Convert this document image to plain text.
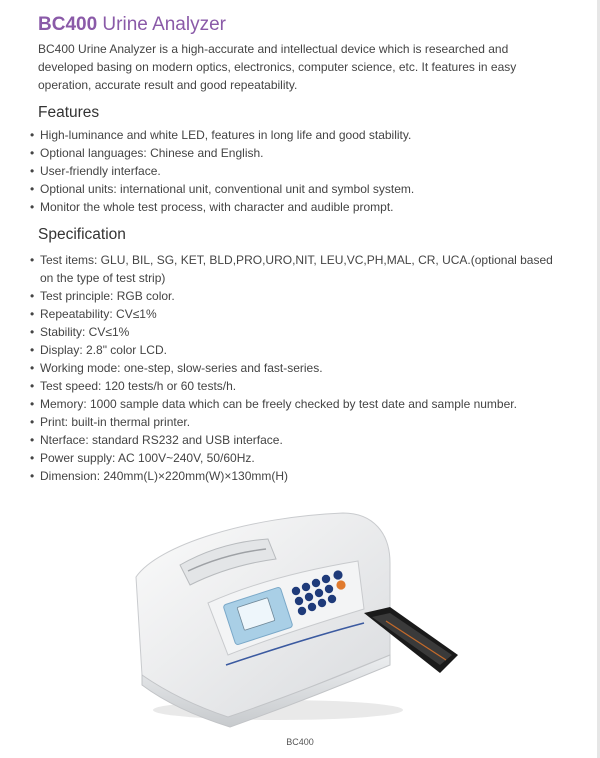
BC400 Urine Analyzer
BC400 Urine Analyzer is a high-accurate and intellectual device which is researched and developed basing on modern optics, electronics, computer science, etc. It features in easy operation, accurate result and good repeatability.
Features
• High-luminance and white LED, features in long life and good stability.
• Optional languages: Chinese and English.
• User-friendly interface.
• Optional units: international unit, conventional unit and symbol system.
• Monitor the whole test process, with character and audible prompt.
Specification
• Test items: GLU, BIL, SG, KET, BLD,PRO,URO,NIT, LEU,VC,PH,MAL, CR, UCA.(optional based on the type of test strip)
• Test principle: RGB color.
• Repeatability: CV≤1%
• Stability: CV≤1%
• Display: 2.8" color LCD.
• Working mode: one-step, slow-series and fast-series.
• Test speed: 120 tests/h or 60 tests/h.
• Memory: 1000 sample data which can be freely checked by test date and sample number.
• Print: built-in thermal printer.
• Nterface: standard RS232 and USB interface.
• Power supply: AC 100V~240V, 50/60Hz.
• Dimension: 240mm(L)×220mm(W)×130mm(H)
BC400
